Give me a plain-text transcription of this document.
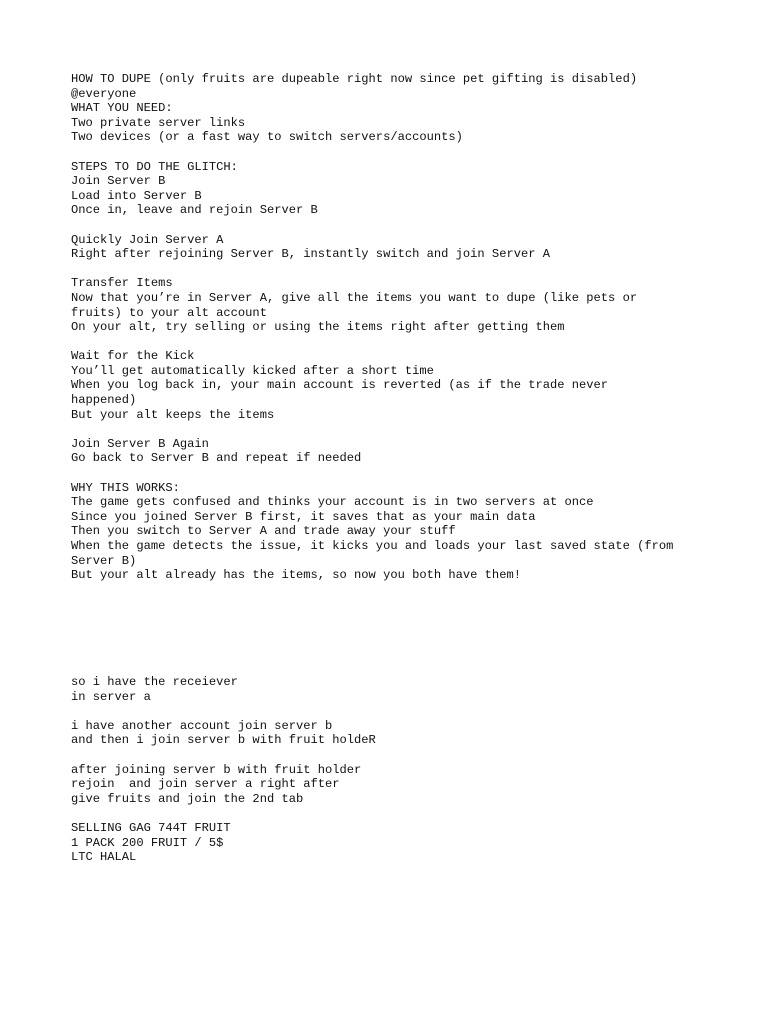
HOW TO DUPE (only fruits are dupeable right now since pet gifting is disabled)
@everyone
WHAT YOU NEED:
Two private server links
Two devices (or a fast way to switch servers/accounts)
STEPS TO DO THE GLITCH:
Join Server B
Load into Server B
Once in, leave and rejoin Server B
Quickly Join Server A
Right after rejoining Server B, instantly switch and join Server A
Transfer Items
Now that you’re in Server A, give all the items you want to dupe (like pets or
fruits) to your alt account
On your alt, try selling or using the items right after getting them
Wait for the Kick
You’ll get automatically kicked after a short time
When you log back in, your main account is reverted (as if the trade never
happened)
But your alt keeps the items
Join Server B Again
Go back to Server B and repeat if needed
WHY THIS WORKS:
The game gets confused and thinks your account is in two servers at once
Since you joined Server B first, it saves that as your main data
Then you switch to Server A and trade away your stuff
When the game detects the issue, it kicks you and loads your last saved state (from
Server B)
But your alt already has the items, so now you both have them!
so i have the receiever
in server a
i have another account join server b
and then i join server b with fruit holdeR
after joining server b with fruit holder
rejoin  and join server a right after
give fruits and join the 2nd tab
SELLING GAG 744T FRUIT
1 PACK 200 FRUIT / 5$
LTC HALAL
